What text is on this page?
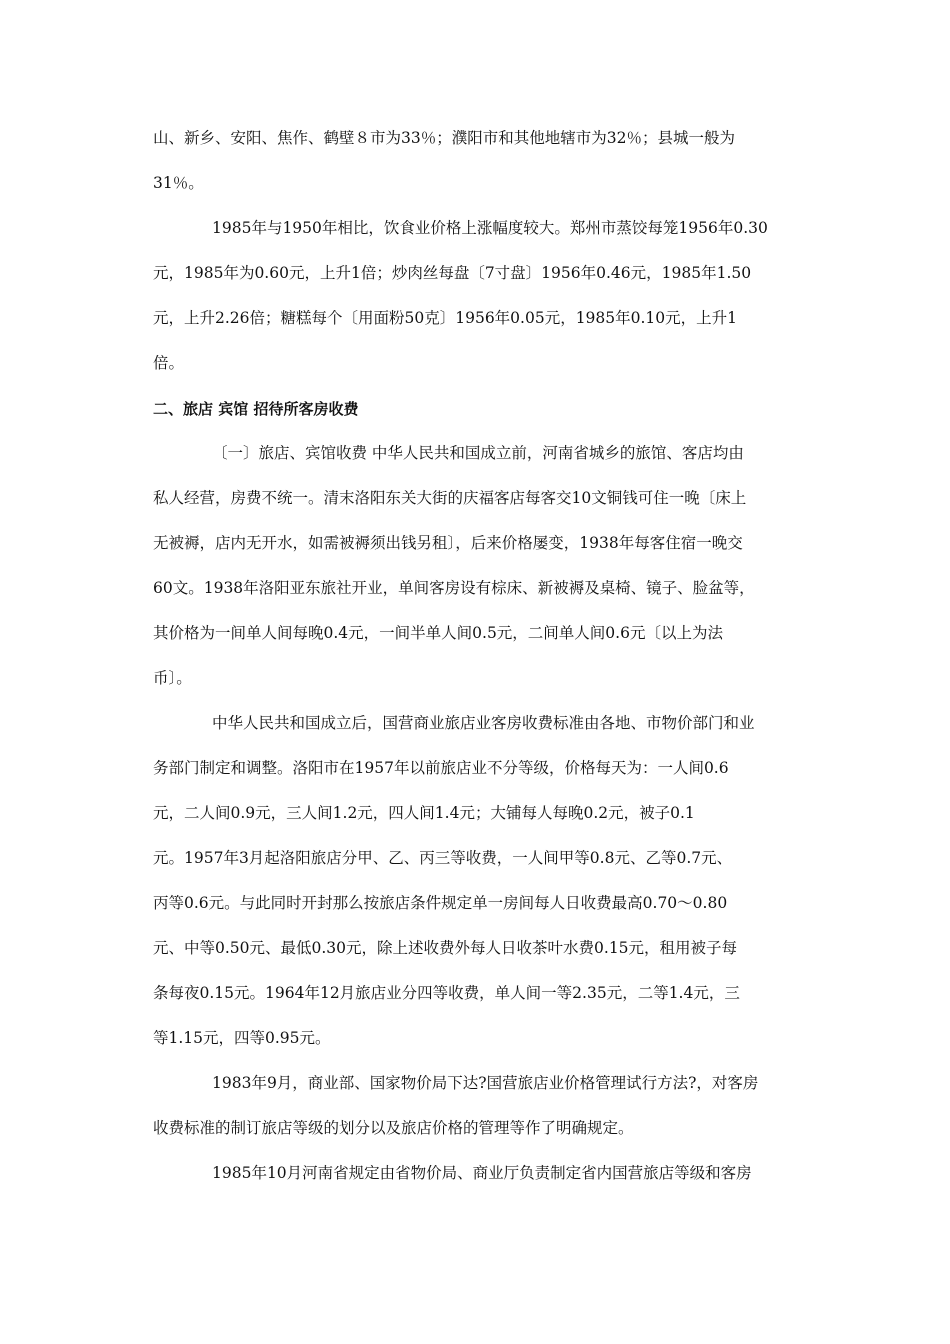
山、新乡、安阳、焦作、鹤壁８市为33％；濮阳市和其他地辖市为32％；县城一般为
31％。
1985年与1950年相比，饮食业价格上涨幅度较大。郑州市蒸饺每笼1956年0.30
元，1985年为0.60元，上升1倍；炒肉丝每盘〔7寸盘〕1956年0.46元，1985年1.50
元，上升2.26倍；糖糕每个〔用面粉50克〕1956年0.05元，1985年0.10元，上升1
倍。
二、旅店 宾馆 招待所客房收费
〔一〕旅店、宾馆收费 中华人民共和国成立前，河南省城乡的旅馆、客店均由
私人经营，房费不统一。清末洛阳东关大街的庆福客店每客交10文铜钱可住一晚〔床上
无被褥，店内无开水，如需被褥须出钱另租〕，后来价格屡变，1938年每客住宿一晚交
60文。1938年洛阳亚东旅社开业，单间客房设有棕床、新被褥及桌椅、镜子、脸盆等，
其价格为一间单人间每晚0.4元，一间半单人间0.5元，二间单人间0.6元〔以上为法
币〕。
中华人民共和国成立后，国营商业旅店业客房收费标准由各地、市物价部门和业
务部门制定和调整。洛阳市在1957年以前旅店业不分等级，价格每天为：一人间0.6
元，二人间0.9元，三人间1.2元，四人间1.4元；大铺每人每晚0.2元，被子0.1
元。1957年3月起洛阳旅店分甲、乙、丙三等收费，一人间甲等0.8元、乙等0.7元、
丙等0.6元。与此同时开封那么按旅店条件规定单一房间每人日收费最高0.70～0.80
元、中等0.50元、最低0.30元，除上述收费外每人日收茶叶水费0.15元，租用被子每
条每夜0.15元。1964年12月旅店业分四等收费，单人间一等2.35元，二等1.4元，三
等1.15元，四等0.95元。
1983年9月，商业部、国家物价局下达?国营旅店业价格管理试行方法?，对客房
收费标准的制订旅店等级的划分以及旅店价格的管理等作了明确规定。
1985年10月河南省规定由省物价局、商业厅负责制定省内国营旅店等级和客房
